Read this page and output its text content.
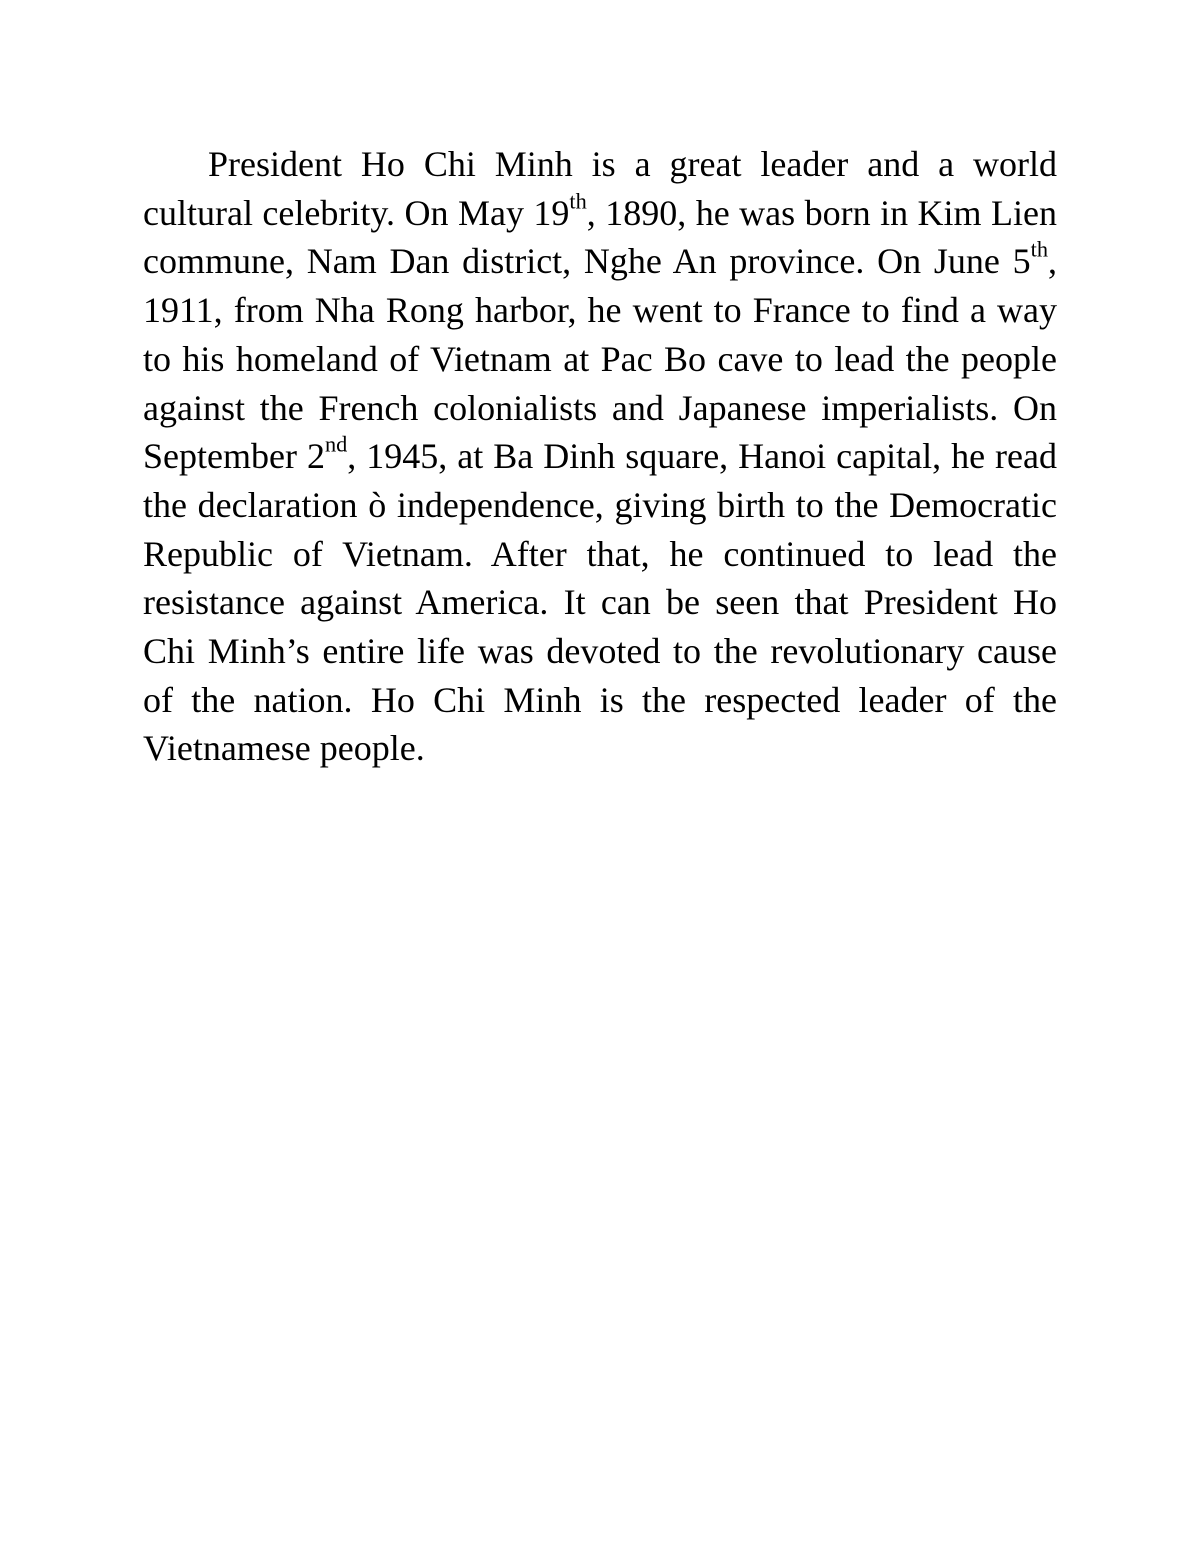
President Ho Chi Minh is a great leader and a world cultural celebrity. On May 19th, 1890, he was born in Kim Lien commune, Nam Dan district, Nghe An province. On June 5th, 1911, from Nha Rong harbor, he went to France to find a way to his homeland of Vietnam at Pac Bo cave to lead the people against the French colonialists and Japanese imperialists. On September 2nd, 1945, at Ba Dinh square, Hanoi capital, he read the declaration ò independence, giving birth to the Democratic Republic of Vietnam. After that, he continued to lead the resistance against America. It can be seen that President Ho Chi Minh’s entire life was devoted to the revolutionary cause of the nation. Ho Chi Minh is the respected leader of the Vietnamese people.
